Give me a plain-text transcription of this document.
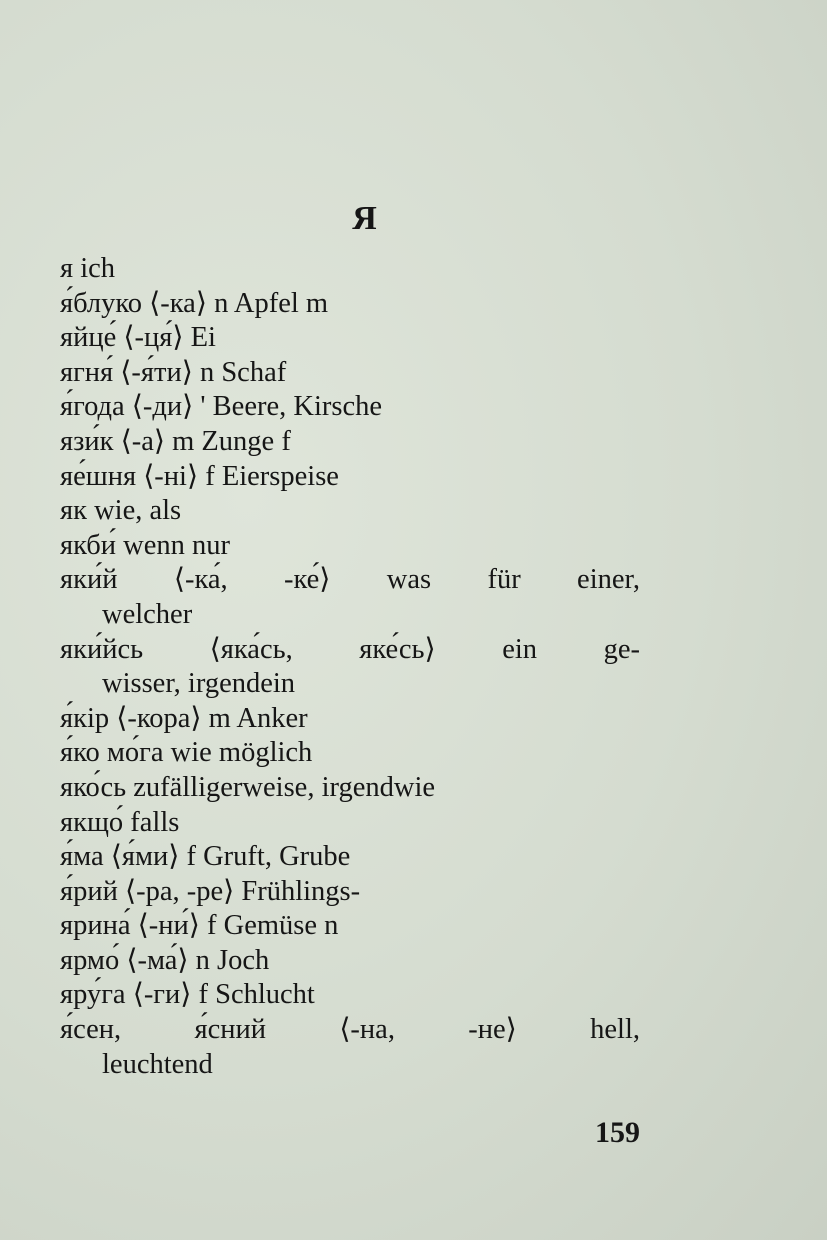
Я
я ich
я́блуко ⟨-ка⟩ n Apfel m
яйце́ ⟨-ця́⟩ Ei
ягня́ ⟨-я́ти⟩ n Schaf
я́года ⟨-ди⟩ ' Beere, Kirsche
язи́к ⟨-а⟩ m Zunge f
яе́шня ⟨-ні⟩ f Eierspeise
як wie, als
якби́ wenn nur
яки́й ⟨-ка́, -ке́⟩ was für einer,
welcher
яки́йсь ⟨яка́сь, яке́сь⟩ ein ge-
wisser, irgendein
я́кір ⟨-кора⟩ m Anker
я́ко мо́га wie möglich
яко́сь zufälligerweise, irgendwie
якщо́ falls
я́ма ⟨я́ми⟩ f Gruft, Grube
я́рий ⟨-ра, -ре⟩ Frühlings-
ярина́ ⟨-ни́⟩ f Gemüse n
ярмо́ ⟨-ма́⟩ n Joch
яру́га ⟨-ги⟩ f Schlucht
я́сен,	я́сний	⟨-на,	-не⟩	hell,
leuchtend
159
